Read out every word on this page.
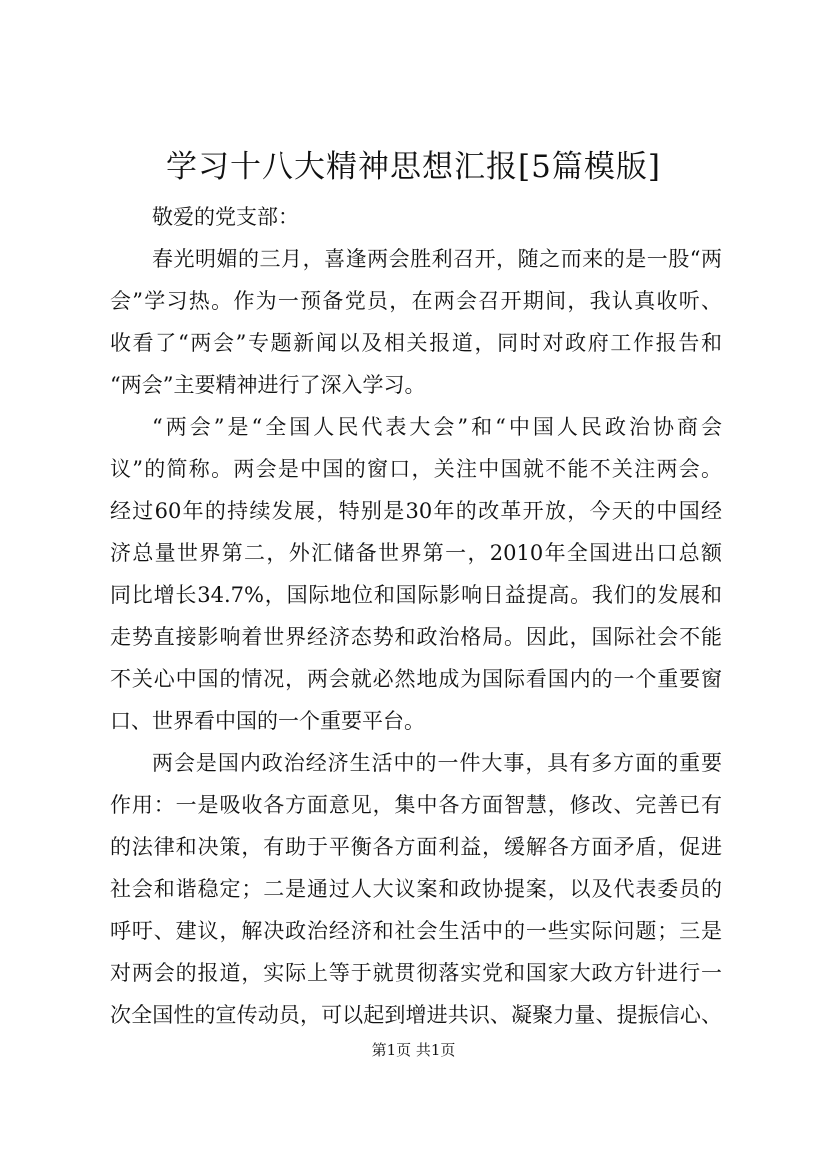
学习十八大精神思想汇报[5篇模版]
敬爱的党支部：
春光明媚的三月，喜逢两会胜利召开，随之而来的是一股“两
会”学习热。作为一预备党员，在两会召开期间，我认真收听、
收看了“两会”专题新闻以及相关报道，同时对政府工作报告和
“两会”主要精神进行了深入学习。
“两会”是“全国人民代表大会”和“中国人民政治协商会
议”的简称。两会是中国的窗口，关注中国就不能不关注两会。
经过60年的持续发展，特别是30年的改革开放，今天的中国经
济总量世界第二，外汇储备世界第一，2010年全国进出口总额
同比增长34.7%，国际地位和国际影响日益提高。我们的发展和
走势直接影响着世界经济态势和政治格局。因此，国际社会不能
不关心中国的情况，两会就必然地成为国际看国内的一个重要窗
口、世界看中国的一个重要平台。
两会是国内政治经济生活中的一件大事，具有多方面的重要
作用：一是吸收各方面意见，集中各方面智慧，修改、完善已有
的法律和决策，有助于平衡各方面利益，缓解各方面矛盾，促进
社会和谐稳定；二是通过人大议案和政协提案，以及代表委员的
呼吁、建议，解决政治经济和社会生活中的一些实际问题；三是
对两会的报道，实际上等于就贯彻落实党和国家大政方针进行一
次全国性的宣传动员，可以起到增进共识、凝聚力量、提振信心、
第1页 共1页
